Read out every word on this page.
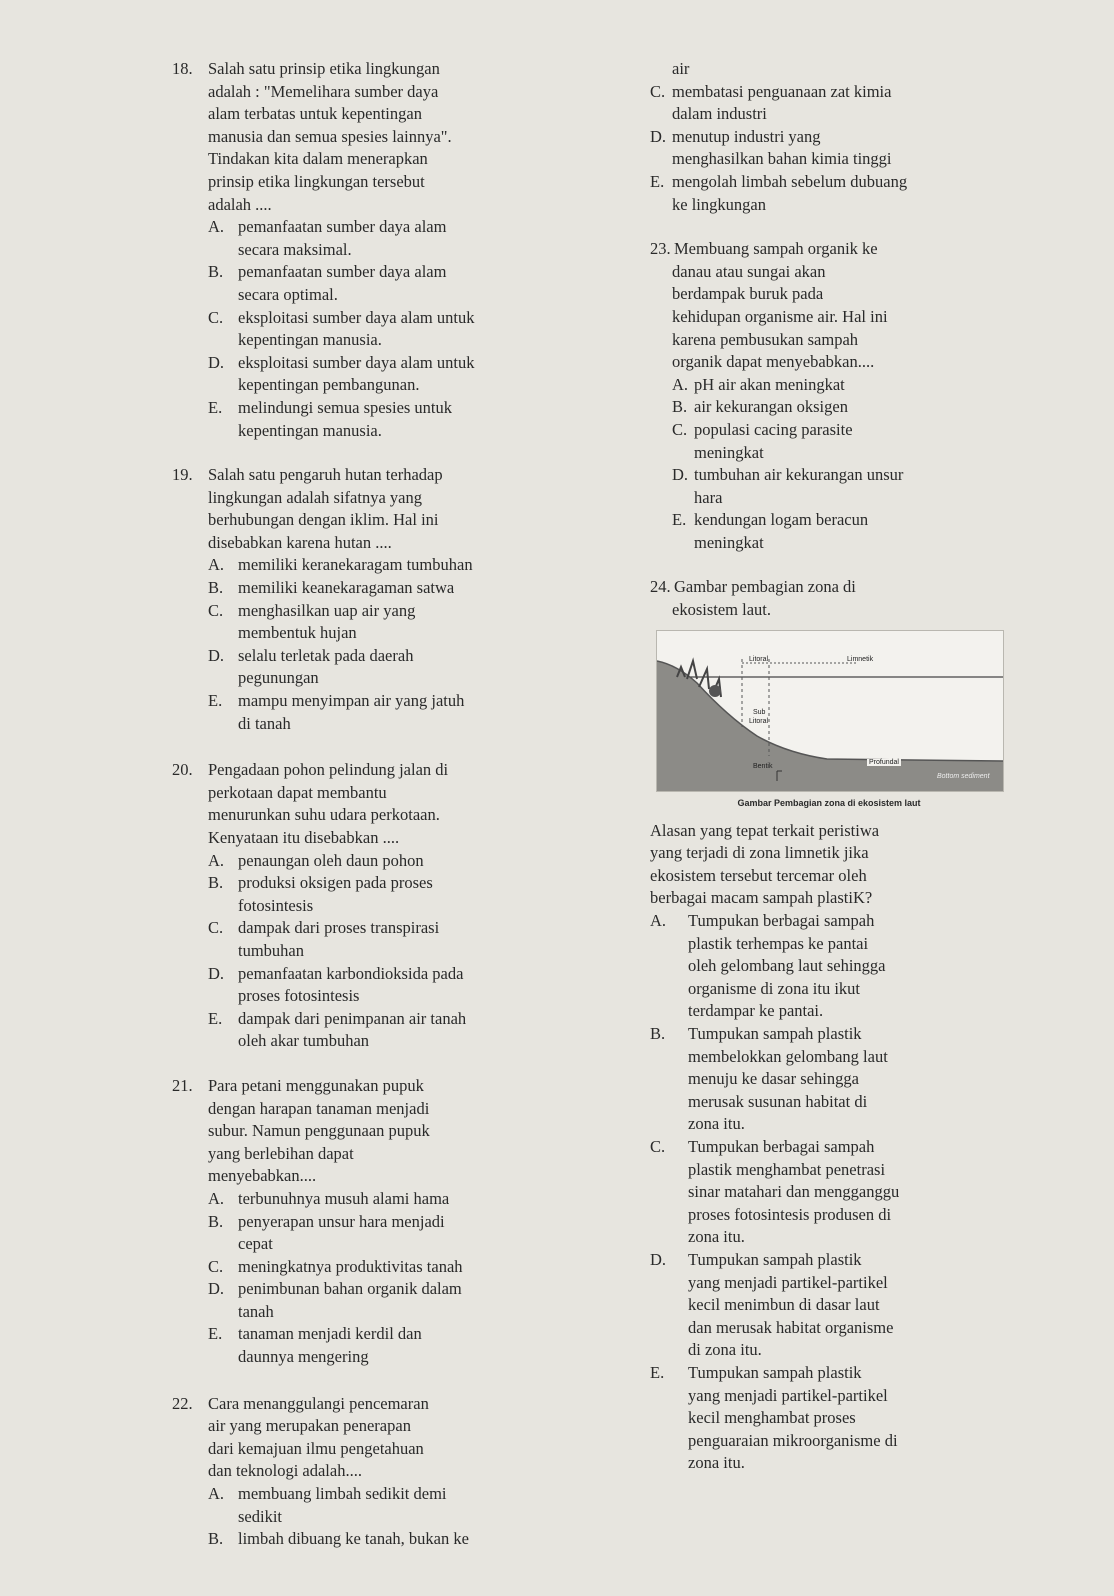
18. Salah satu prinsip etika lingkungan
adalah : "Memelihara sumber daya
alam terbatas untuk kepentingan
manusia dan semua spesies lainnya".
Tindakan kita dalam menerapkan
prinsip etika lingkungan tersebut
adalah ....
A. pemanfaatan sumber daya alam
secara maksimal.
B. pemanfaatan sumber daya alam
secara optimal.
C. eksploitasi sumber daya alam untuk
kepentingan manusia.
D. eksploitasi sumber daya alam untuk
kepentingan pembangunan.
E. melindungi semua spesies untuk
kepentingan manusia.
19. Salah satu pengaruh hutan terhadap
lingkungan adalah sifatnya yang
berhubungan dengan iklim. Hal ini
disebabkan karena hutan ....
A. memiliki keranekaragam tumbuhan
B. memiliki keanekaragaman satwa
C. menghasilkan uap air yang
membentuk hujan
D. selalu terletak pada daerah
pegunungan
E. mampu menyimpan air yang jatuh
di tanah
20. Pengadaan pohon pelindung jalan di
perkotaan dapat membantu
menurunkan suhu udara perkotaan.
Kenyataan itu disebabkan ....
A. penaungan oleh daun pohon
B. produksi oksigen pada proses
fotosintesis
C. dampak dari proses transpirasi
tumbuhan
D. pemanfaatan karbondioksida pada
proses fotosintesis
E. dampak dari penimpanan air tanah
oleh akar tumbuhan
21. Para petani menggunakan pupuk
dengan harapan tanaman menjadi
subur. Namun penggunaan pupuk
yang berlebihan dapat
menyebabkan....
A. terbunuhnya musuh alami hama
B. penyerapan unsur hara menjadi
cepat
C. meningkatnya produktivitas tanah
D. penimbunan bahan organik dalam
tanah
E. tanaman menjadi kerdil dan
daunnya mengering
22. Cara menanggulangi pencemaran
air yang merupakan penerapan
dari kemajuan ilmu pengetahuan
dan teknologi adalah....
A. membuang limbah sedikit demi
sedikit
B. limbah dibuang ke tanah, bukan ke
air
C. membatasi penguanaan zat kimia
dalam industri
D. menutup industri yang
menghasilkan bahan kimia tinggi
E. mengolah limbah sebelum dubuang
ke lingkungan
23. Membuang sampah organik ke
danau atau sungai akan
berdampak buruk pada
kehidupan organisme air. Hal ini
karena pembusukan sampah
organik dapat menyebabkan....
A. pH air akan meningkat
B. air kekurangan oksigen
C. populasi cacing parasite
meningkat
D. tumbuhan air kekurangan unsur
hara
E. kendungan logam beracun
meningkat
24. Gambar pembagian zona di
ekosistem laut.
Litoral	Limnetik
Sub
Litoral
Bentik
Profundal
Bottom sediment
Gambar Pembagian zona di ekosistem laut
Alasan yang tepat terkait peristiwa
yang terjadi di zona limnetik jika
ekosistem tersebut tercemar oleh
berbagai macam sampah plastiK?
A.	Tumpukan berbagai sampah
plastik terhempas ke pantai
oleh gelombang laut sehingga
organisme di zona itu ikut
terdampar ke pantai.
B.	Tumpukan sampah plastik
membelokkan gelombang laut
menuju ke dasar sehingga
merusak susunan habitat di
zona itu.
C.	Tumpukan berbagai sampah
plastik menghambat penetrasi
sinar matahari dan mengganggu
proses fotosintesis produsen di
zona itu.
D.	Tumpukan sampah plastik
yang menjadi partikel-partikel
kecil menimbun di dasar laut
dan merusak habitat organisme
di zona itu.
E.	Tumpukan sampah plastik
yang menjadi partikel-partikel
kecil menghambat proses
penguaraian mikroorganisme di
zona itu.
